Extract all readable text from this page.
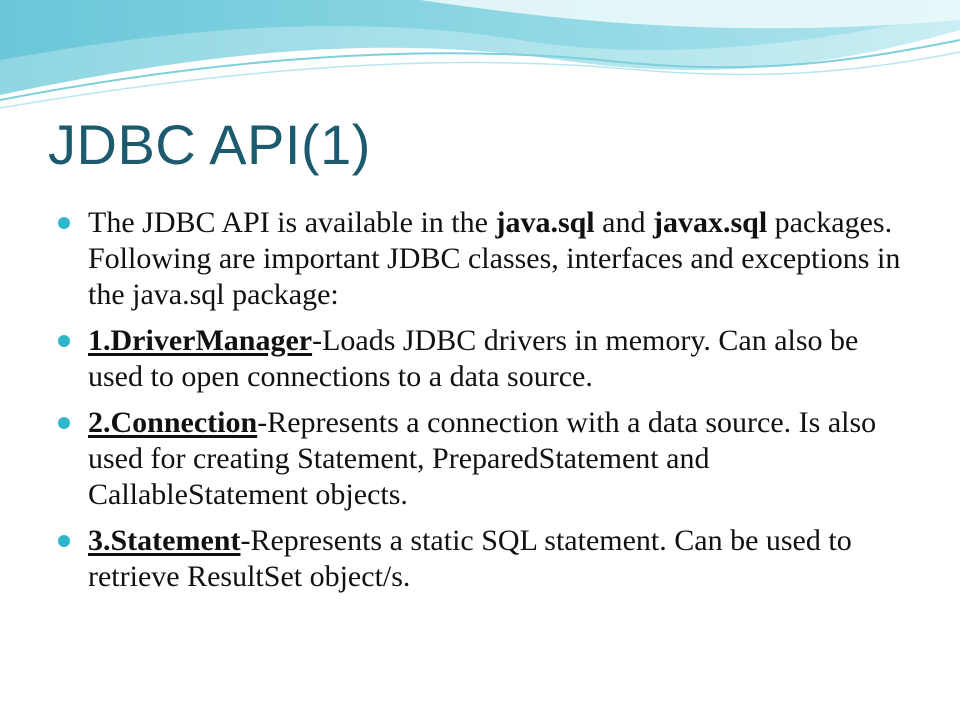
JDBC API(1)
The JDBC API is available in the java.sql and javax.sql packages. Following are important JDBC classes, interfaces and exceptions in the java.sql package:
1.DriverManager-Loads JDBC drivers in memory. Can also be used to open connections to a data source.
2.Connection-Represents a connection with a data source. Is also used for creating Statement, PreparedStatement and CallableStatement objects.
3.Statement-Represents a static SQL statement. Can be used to retrieve ResultSet object/s.
